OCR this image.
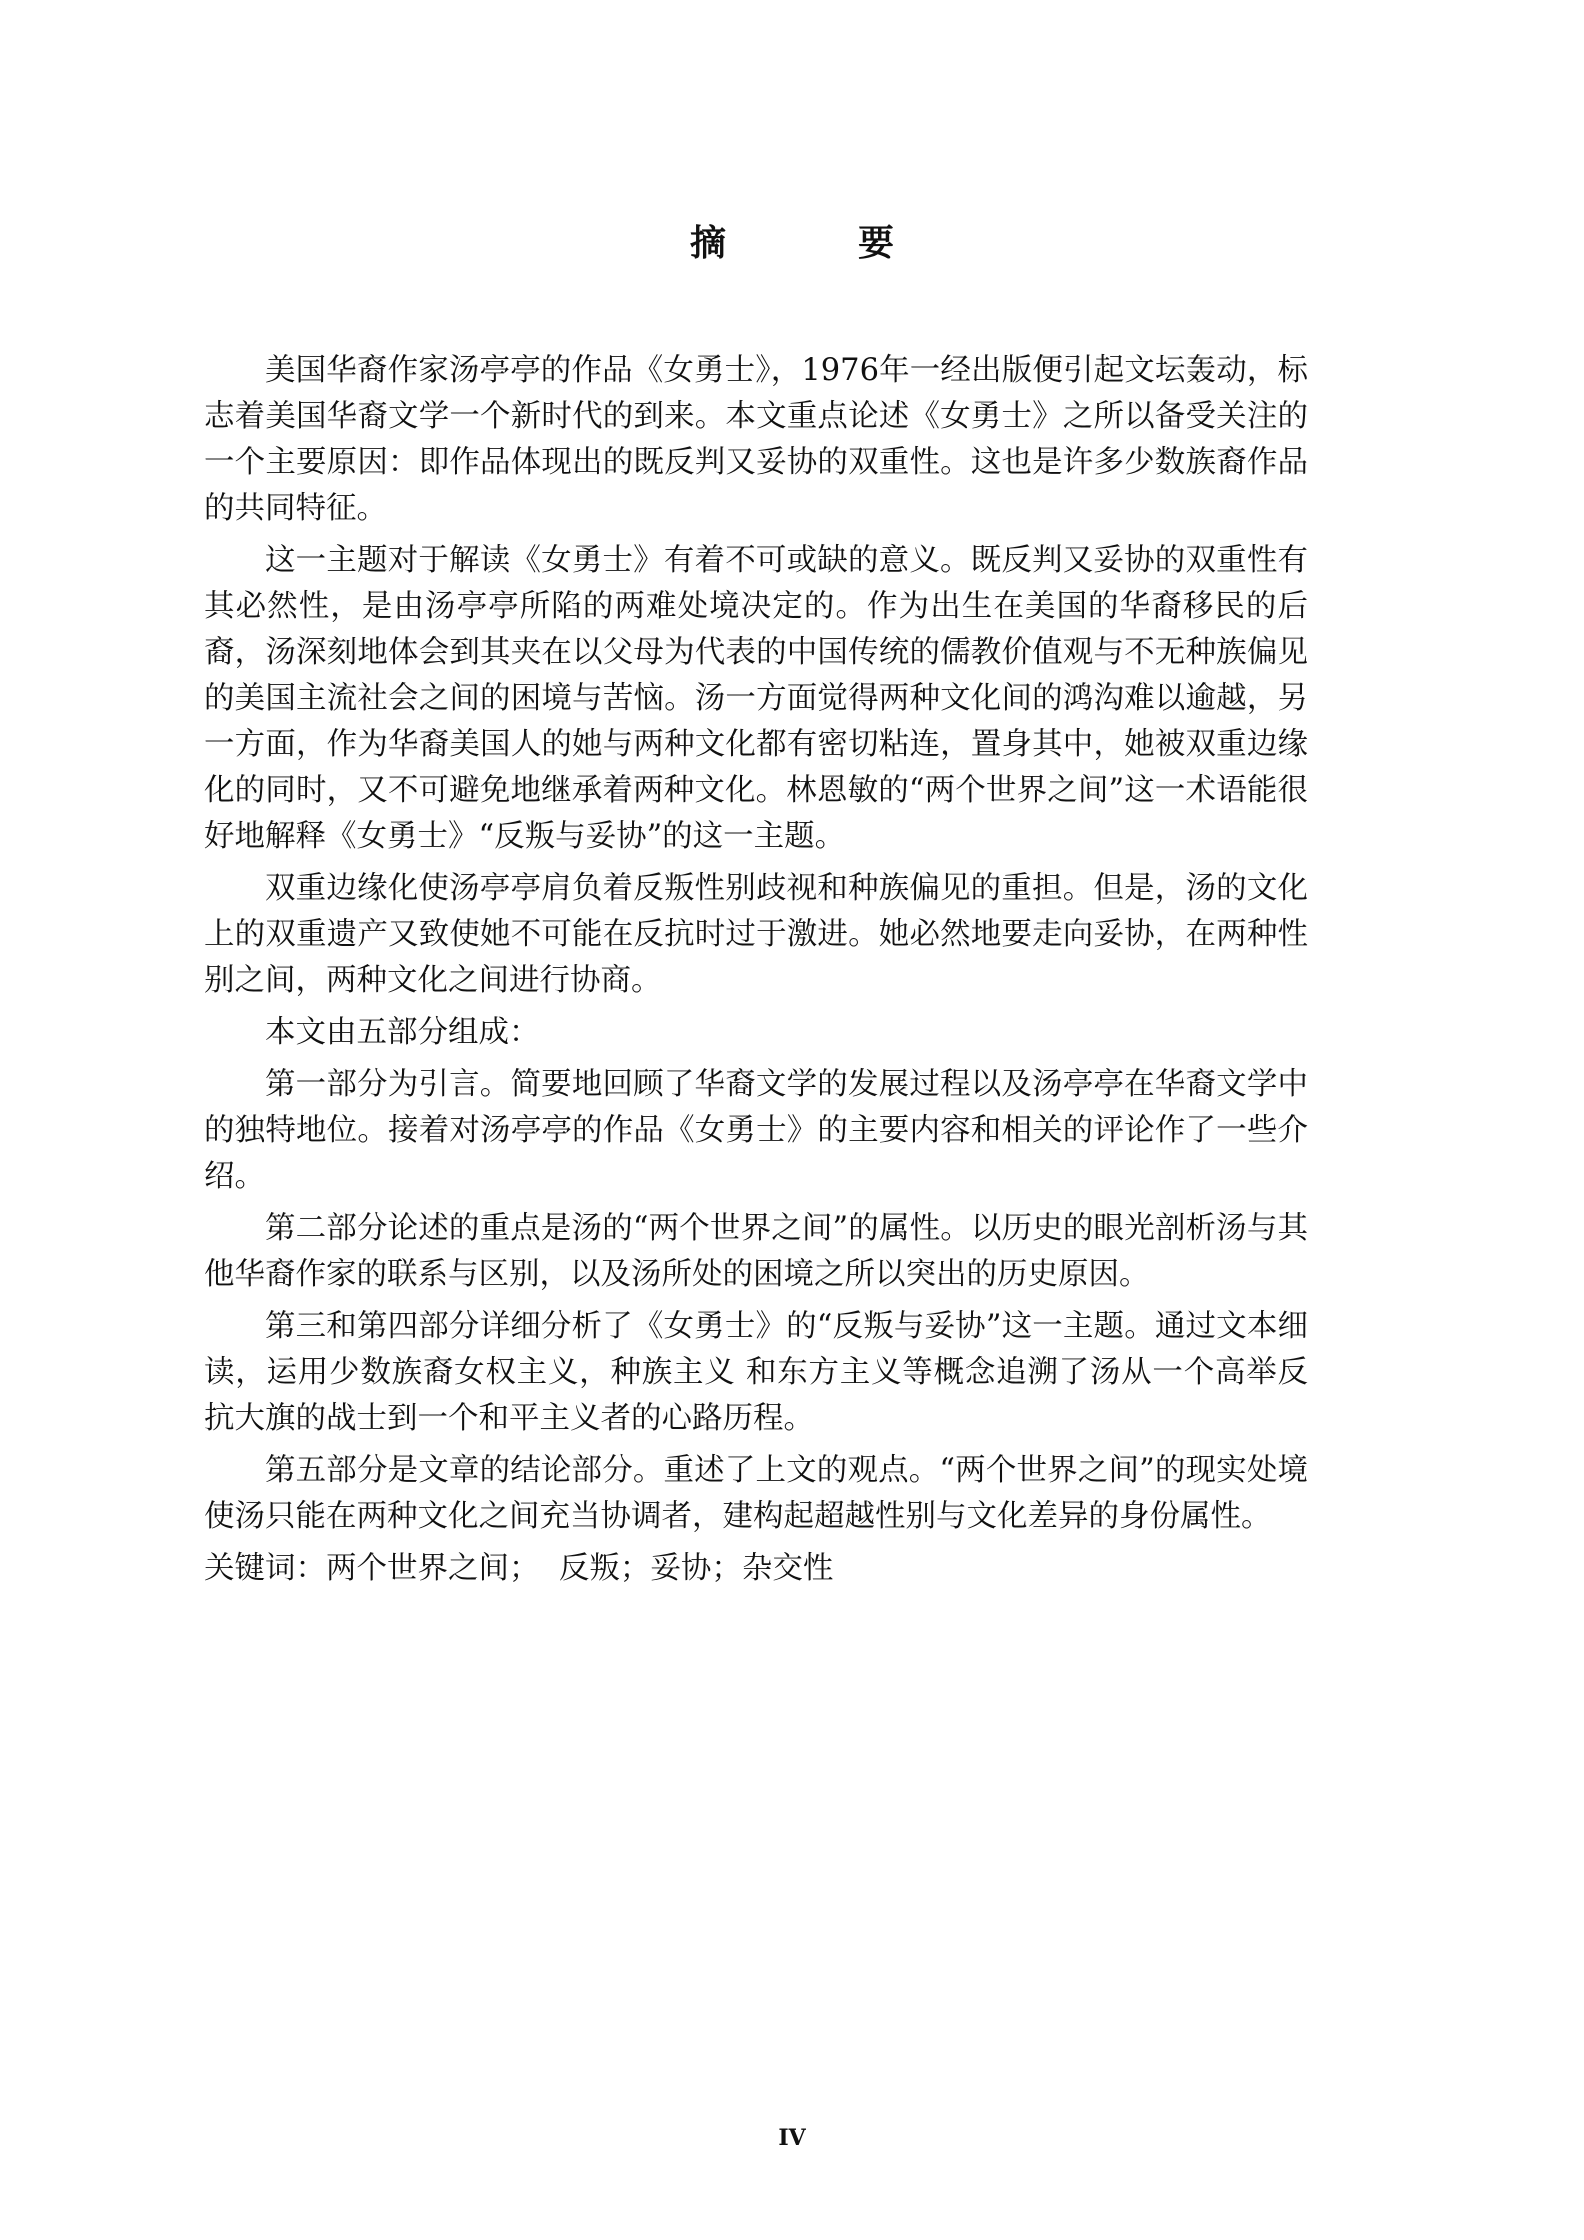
摘　要

美国华裔作家汤亭亭的作品《女勇士》，1976年一经出版便引起文坛轰动，标志着美国华裔文学一个新时代的到来。本文重点论述《女勇士》之所以备受关注的一个主要原因：即作品体现出的既反判又妥协的双重性。这也是许多少数族裔作品的共同特征。

这一主题对于解读《女勇士》有着不可或缺的意义。既反判又妥协的双重性有其必然性，是由汤亭亭所陷的两难处境决定的。作为出生在美国的华裔移民的后裔，汤深刻地体会到其夹在以父母为代表的中国传统的儒教价值观与不无种族偏见的美国主流社会之间的困境与苦恼。汤一方面觉得两种文化间的鸿沟难以逾越，另一方面，作为华裔美国人的她与两种文化都有密切粘连，置身其中，她被双重边缘化的同时，又不可避免地继承着两种文化。林恩敏的“两个世界之间”这一术语能很好地解释《女勇士》“反叛与妥协”的这一主题。

双重边缘化使汤亭亭肩负着反叛性别歧视和种族偏见的重担。但是，汤的文化上的双重遗产又致使她不可能在反抗时过于激进。她必然地要走向妥协，在两种性别之间，两种文化之间进行协商。

本文由五部分组成：

第一部分为引言。简要地回顾了华裔文学的发展过程以及汤亭亭在华裔文学中的独特地位。接着对汤亭亭的作品《女勇士》的主要内容和相关的评论作了一些介绍。

第二部分论述的重点是汤的“两个世界之间”的属性。以历史的眼光剖析汤与其他华裔作家的联系与区别，以及汤所处的困境之所以突出的历史原因。

第三和第四部分详细分析了《女勇士》的“反叛与妥协”这一主题。通过文本细读，运用少数族裔女权主义，种族主义 和东方主义等概念追溯了汤从一个高举反抗大旗的战士到一个和平主义者的心路历程。

第五部分是文章的结论部分。重述了上文的观点。“两个世界之间”的现实处境使汤只能在两种文化之间充当协调者，建构起超越性别与文化差异的身份属性。

关键词：两个世界之间； 反叛；妥协；杂交性

IV
